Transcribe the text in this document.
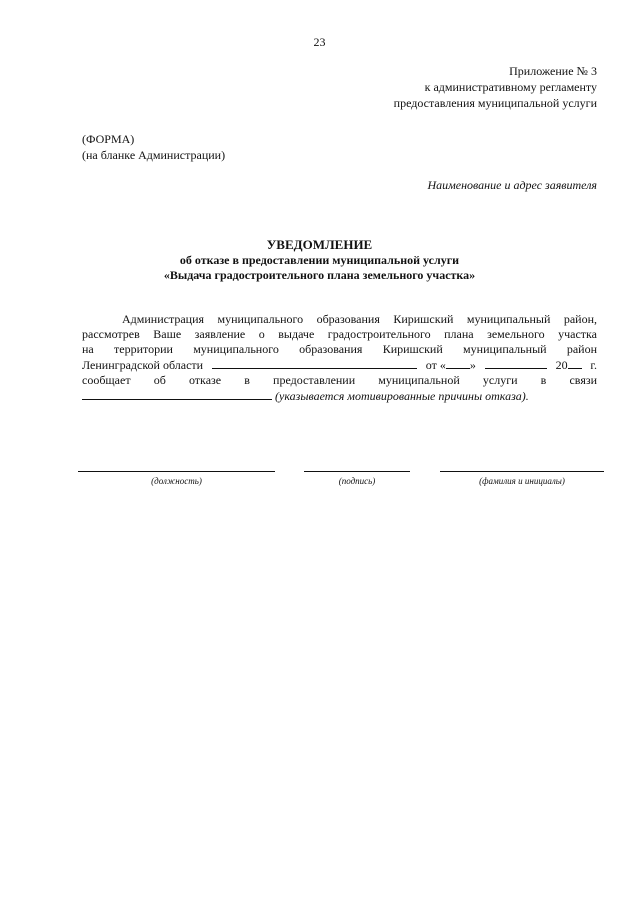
23
Приложение № 3
к административному регламенту
предоставления муниципальной услуги
(ФОРМА)
(на бланке Администрации)
Наименование и адрес заявителя
УВЕДОМЛЕНИЕ
об отказе в предоставлении муниципальной услуги
«Выдача градостроительного плана земельного участка»

Администрация муниципального образования Киришский муниципальный район,

рассмотрев Ваше заявление о выдаче градостроительного плана земельного участка

на территории муниципального образования Киришский муниципальный район

Ленинградской области	от « »	20	г.

сообщает об отказе в предоставлении муниципальной услуги в связи

(указывается мотивированные причины отказа).
(должность)	(подпись)	(фамилия и инициалы)
